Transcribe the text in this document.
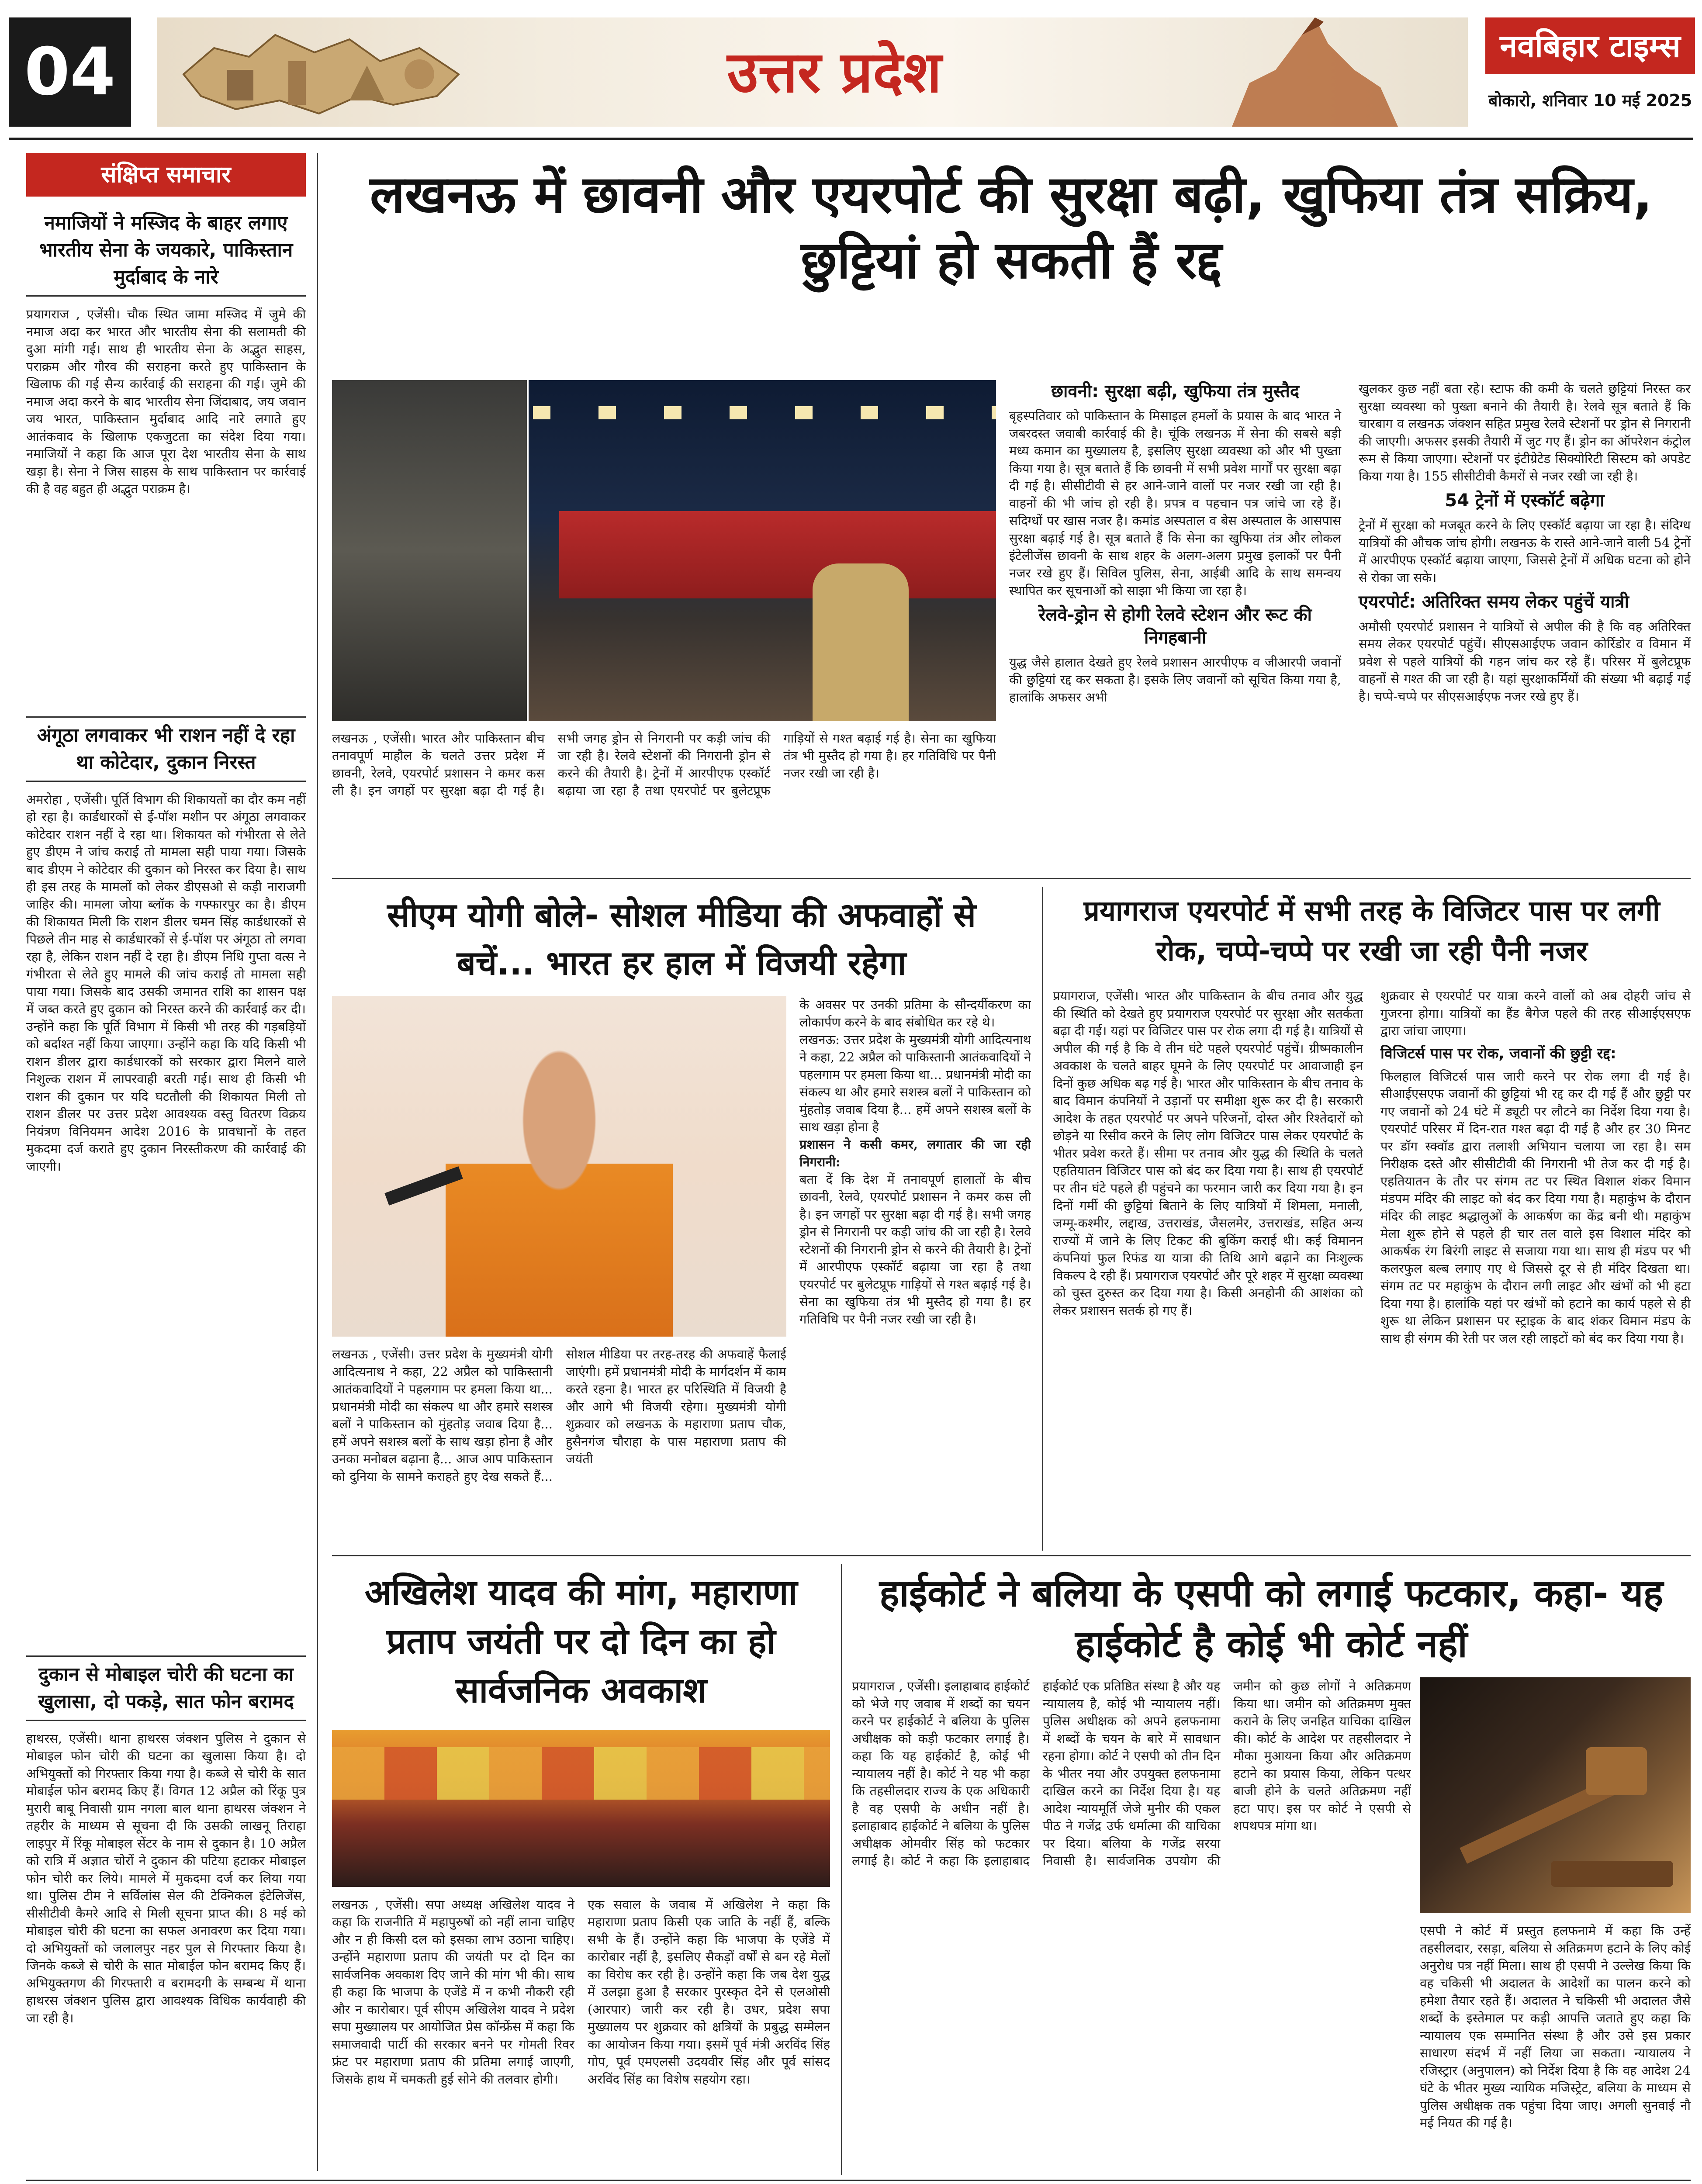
04	उत्तर प्रदेश	नवबिहार टाइम्स
बोकारो, शनिवार 10 मई 2025
संक्षिप्त समाचार
नमाजियों ने मस्जिद के बाहर लगाए भारतीय सेना के जयकारे, पाकिस्तान मुर्दाबाद के नारे
प्रयागराज , एजेंसी। चौक स्थित जामा मस्जिद में जुमे की नमाज अदा कर भारत और भारतीय सेना की सलामती की दुआ मांगी गई। साथ ही भारतीय सेना के अद्भुत साहस, पराक्रम और गौरव की सराहना करते हुए पाकिस्तान के खिलाफ की गई सैन्य कार्रवाई की सराहना की गई। जुमे की नमाज अदा करने के बाद भारतीय सेना जिंदाबाद, जय जवान जय भारत, पाकिस्तान मुर्दाबाद आदि नारे लगाते हुए आतंकवाद के खिलाफ एकजुटता का संदेश दिया गया। नमाजियों ने कहा कि आज पूरा देश भारतीय सेना के साथ खड़ा है। सेना ने जिस साहस के साथ पाकिस्तान पर कार्रवाई की है वह बहुत ही अद्भुत पराक्रम है।
अंगूठा लगवाकर भी राशन नहीं दे रहा था कोटेदार, दुकान निरस्त
अमरोहा , एजेंसी। पूर्ति विभाग की शिकायतों का दौर कम नहीं हो रहा है। कार्डधारकों से ई-पॉश मशीन पर अंगूठा लगवाकर कोटेदार राशन नहीं दे रहा था। शिकायत को गंभीरता से लेते हुए डीएम ने जांच कराई तो मामला सही पाया गया। जिसके बाद डीएम ने कोटेदार की दुकान को निरस्त कर दिया है। साथ ही इस तरह के मामलों को लेकर डीएसओ से कड़ी नाराजगी जाहिर की। मामला जोया ब्लॉक के गफ्फारपुर का है। डीएम की शिकायत मिली कि राशन डीलर चमन सिंह कार्डधारकों से पिछले तीन माह से कार्डधारकों से ई-पॉश पर अंगूठा तो लगवा रहा है, लेकिन राशन नहीं दे रहा है। डीएम निधि गुप्ता वत्स ने गंभीरता से लेते हुए मामले की जांच कराई तो मामला सही पाया गया। जिसके बाद उसकी जमानत राशि का शासन पक्ष में जब्त करते हुए दुकान को निरस्त करने की कार्रवाई कर दी। उन्होंने कहा कि पूर्ति विभाग में किसी भी तरह की गड़बड़ियों को बर्दाश्त नहीं किया जाएगा। उन्होंने कहा कि यदि किसी भी राशन डीलर द्वारा कार्डधारकों को सरकार द्वारा मिलने वाले निशुल्क राशन में लापरवाही बरती गई। साथ ही किसी भी राशन की दुकान पर यदि घटतौली की शिकायत मिली तो राशन डीलर पर उत्तर प्रदेश आवश्यक वस्तु वितरण विक्रय नियंत्रण विनियमन आदेश 2016 के प्रावधानों के तहत मुकदमा दर्ज कराते हुए दुकान निरस्तीकरण की कार्रवाई की जाएगी।
दुकान से मोबाइल चोरी की घटना का खुलासा, दो पकड़े, सात फोन बरामद
हाथरस, एजेंसी। थाना हाथरस जंक्शन पुलिस ने दुकान से मोबाइल फोन चोरी की घटना का खुलासा किया है। दो अभियुक्तों को गिरफ्तार किया गया है। कब्जे से चोरी के सात मोबाईल फोन बरामद किए हैं। विगत 12 अप्रैल को रिंकू पुत्र मुरारी बाबू निवासी ग्राम नगला बाल थाना हाथरस जंक्शन ने तहरीर के माध्यम से सूचना दी कि उसकी लाखनू तिराहा लाइपुर में रिंकू मोबाइल सेंटर के नाम से दुकान है। 10 अप्रैल को रात्रि में अज्ञात चोरों ने दुकान की पटिया हटाकर मोबाइल फोन चोरी कर लिये। मामले में मुकदमा दर्ज कर लिया गया था। पुलिस टीम ने सर्विलांस सेल की टेक्निकल इंटेलिजेंस, सीसीटीवी कैमरे आदि से मिली सूचना प्राप्त की। 8 मई को मोबाइल चोरी की घटना का सफल अनावरण कर दिया गया। दो अभियुक्तों को जलालपुर नहर पुल से गिरफ्तार किया है। जिनके कब्जे से चोरी के सात मोबाईल फोन बरामद किए हैं। अभियुक्तगण की गिरफ्तारी व बरामदगी के सम्बन्ध में थाना हाथरस जंक्शन पुलिस द्वारा आवश्यक विधिक कार्यवाही की जा रही है।
लखनऊ में छावनी और एयरपोर्ट की सुरक्षा बढ़ी, खुफिया तंत्र सक्रिय, छुट्टियां हो सकती हैं रद्द
लखनऊ , एजेंसी। भारत और पाकिस्तान बीच तनावपूर्ण माहौल के चलते उत्तर प्रदेश में छावनी, रेलवे, एयरपोर्ट प्रशासन ने कमर कस ली है। इन जगहों पर सुरक्षा बढ़ा दी गई है। सभी जगह ड्रोन से निगरानी पर कड़ी जांच की जा रही है। रेलवे स्टेशनों की निगरानी ड्रोन से करने की तैयारी है। ट्रेनों में आरपीएफ एस्कॉर्ट बढ़ाया जा रहा है तथा एयरपोर्ट पर बुलेटप्रूफ गाड़ियों से गश्त बढ़ाई गई है। सेना का खुफिया तंत्र भी मुस्तैद हो गया है। हर गतिविधि पर पैनी नजर रखी जा रही है।
छावनी: सुरक्षा बढ़ी, खुफिया तंत्र मुस्तैद
बृहस्पतिवार को पाकिस्तान के मिसाइल हमलों के प्रयास के बाद भारत ने जबरदस्त जवाबी कार्रवाई की है। चूंकि लखनऊ में सेना की सबसे बड़ी मध्य कमान का मुख्यालय है, इसलिए सुरक्षा व्यवस्था को और भी पुख्ता किया गया है। सूत्र बताते हैं कि छावनी में सभी प्रवेश मार्गों पर सुरक्षा बढ़ा दी गई है। सीसीटीवी से हर आने-जाने वालों पर नजर रखी जा रही है। वाहनों की भी जांच हो रही है। प्रपत्र व पहचान पत्र जांचे जा रहे हैं। सदिग्धों पर खास नजर है। कमांड अस्पताल व बेस अस्पताल के आसपास सुरक्षा बढ़ाई गई है। सूत्र बताते हैं कि सेना का खुफिया तंत्र और लोकल इंटेलीजेंस छावनी के साथ शहर के अलग-अलग प्रमुख इलाकों पर पैनी नजर रखे हुए हैं। सिविल पुलिस, सेना, आईबी आदि के साथ समन्वय स्थापित कर सूचनाओं को साझा भी किया जा रहा है।
रेलवे-ड्रोन से होगी रेलवे स्टेशन और रूट की निगहबानी
युद्ध जैसे हालात देखते हुए रेलवे प्रशासन आरपीएफ व जीआरपी जवानों की छुट्टियां रद्द कर सकता है। इसके लिए जवानों को सूचित किया गया है, हालांकि अफसर अभी
खुलकर कुछ नहीं बता रहे। स्टाफ की कमी के चलते छुट्टियां निरस्त कर सुरक्षा व्यवस्था को पुख्ता बनाने की तैयारी है। रेलवे सूत्र बताते हैं कि चारबाग व लखनऊ जंक्शन सहित प्रमुख रेलवे स्टेशनों पर ड्रोन से निगरानी की जाएगी। अफसर इसकी तैयारी में जुट गए हैं। ड्रोन का ऑपरेशन कंट्रोल रूम से किया जाएगा। स्टेशनों पर इंटीग्रेटेड सिक्योरिटी सिस्टम को अपडेट किया गया है। 155 सीसीटीवी कैमरों से नजर रखी जा रही है।
54 ट्रेनों में एस्कॉर्ट बढ़ेगा
ट्रेनों में सुरक्षा को मजबूत करने के लिए एस्कॉर्ट बढ़ाया जा रहा है। संदिग्ध यात्रियों की औचक जांच होगी। लखनऊ के रास्ते आने-जाने वाली 54 ट्रेनों में आरपीएफ एस्कॉर्ट बढ़ाया जाएगा, जिससे ट्रेनों में अधिक घटना को होने से रोका जा सके।
एयरपोर्ट: अतिरिक्त समय लेकर पहुंचें यात्री
अमौसी एयरपोर्ट प्रशासन ने यात्रियों से अपील की है कि वह अतिरिक्त समय लेकर एयरपोर्ट पहुंचें। सीएसआईएफ जवान कोर्रिडोर व विमान में प्रवेश से पहले यात्रियों की गहन जांच कर रहे हैं। परिसर में बुलेटप्रूफ वाहनों से गश्त की जा रही है। यहां सुरक्षाकर्मियों की संख्या भी बढ़ाई गई है। चप्पे-चप्पे पर सीएसआईएफ नजर रखे हुए हैं।
सीएम योगी बोले- सोशल मीडिया की अफवाहों से बचें... भारत हर हाल में विजयी रहेगा
लखनऊ , एजेंसी। उत्तर प्रदेश के मुख्यमंत्री योगी आदित्यनाथ ने कहा, 22 अप्रैल को पाकिस्तानी आतंकवादियों ने पहलगाम पर हमला किया था... प्रधानमंत्री मोदी का संकल्प था और हमारे सशस्त्र बलों ने पाकिस्तान को मुंहतोड़ जवाब दिया है... हमें अपने सशस्त्र बलों के साथ खड़ा होना है और उनका मनोबल बढ़ाना है... आज आप पाकिस्तान को दुनिया के सामने कराहते हुए देख सकते हैं... सोशल मीडिया पर तरह-तरह की अफवाहें फैलाई जाएंगी। हमें प्रधानमंत्री मोदी के मार्गदर्शन में काम करते रहना है। भारत हर परिस्थिति में विजयी है और आगे भी विजयी रहेगा। मुख्यमंत्री योगी शुक्रवार को लखनऊ के महाराणा प्रताप चौक, हुसैनगंज चौराहा के पास महाराणा प्रताप की जयंती
के अवसर पर उनकी प्रतिमा के सौन्दर्यीकरण का लोकार्पण करने के बाद संबोधित कर रहे थे।
लखनऊ: उत्तर प्रदेश के मुख्यमंत्री योगी आदित्यनाथ ने कहा, 22 अप्रैल को पाकिस्तानी आतंकवादियों ने पहलगाम पर हमला किया था... प्रधानमंत्री मोदी का संकल्प था और हमारे सशस्त्र बलों ने पाकिस्तान को मुंहतोड़ जवाब दिया है... हमें अपने सशस्त्र बलों के साथ खड़ा होना है
प्रशासन ने कसी कमर, लगातार की जा रही निगरानी:
बता दें कि देश में तनावपूर्ण हालातों के बीच छावनी, रेलवे, एयरपोर्ट प्रशासन ने कमर कस ली है। इन जगहों पर सुरक्षा बढ़ा दी गई है। सभी जगह ड्रोन से निगरानी पर कड़ी जांच की जा रही है। रेलवे स्टेशनों की निगरानी ड्रोन से करने की तैयारी है। ट्रेनों में आरपीएफ एस्कॉर्ट बढ़ाया जा रहा है तथा एयरपोर्ट पर बुलेटप्रूफ गाड़ियों से गश्त बढ़ाई गई है। सेना का खुफिया तंत्र भी मुस्तैद हो गया है। हर गतिविधि पर पैनी नजर रखी जा रही है।
प्रयागराज एयरपोर्ट में सभी तरह के विजिटर पास पर लगी रोक, चप्पे-चप्पे पर रखी जा रही पैनी नजर
प्रयागराज, एजेंसी। भारत और पाकिस्तान के बीच तनाव और युद्ध की स्थिति को देखते हुए प्रयागराज एयरपोर्ट पर सुरक्षा और सतर्कता बढ़ा दी गई। यहां पर विजिटर पास पर रोक लगा दी गई है। यात्रियों से अपील की गई है कि वे तीन घंटे पहले एयरपोर्ट पहुंचें। ग्रीष्मकालीन अवकाश के चलते बाहर घूमने के लिए एयरपोर्ट पर आवाजाही इन दिनों कुछ अधिक बढ़ गई है। भारत और पाकिस्तान के बीच तनाव के बाद विमान कंपनियों ने उड़ानों पर समीक्षा शुरू कर दी है। सरकारी आदेश के तहत एयरपोर्ट पर अपने परिजनों, दोस्त और रिश्तेदारों को छोड़ने या रिसीव करने के लिए लोग विजिटर पास लेकर एयरपोर्ट के भीतर प्रवेश करते हैं। सीमा पर तनाव और युद्ध की स्थिति के चलते एहतियातन विजिटर पास को बंद कर दिया गया है। साथ ही एयरपोर्ट पर तीन घंटे पहले ही पहुंचने का फरमान जारी कर दिया गया है। इन दिनों गर्मी की छुट्टियां बिताने के लिए यात्रियों में शिमला, मनाली, जम्मू-कश्मीर, लद्दाख, उत्तराखंड, जैसलमेर, उत्तराखंड, सहित अन्य राज्यों में जाने के लिए टिकट की बुकिंग कराई थी। कई विमानन कंपनियां फुल रिफंड या यात्रा की तिथि आगे बढ़ाने का निःशुल्क विकल्प दे रही हैं। प्रयागराज एयरपोर्ट और पूरे शहर में सुरक्षा व्यवस्था को चुस्त दुरुस्त कर दिया गया है। किसी अनहोनी की आशंका को लेकर प्रशासन सतर्क हो गए हैं।
शुक्रवार से एयरपोर्ट पर यात्रा करने वालों को अब दोहरी जांच से गुजरना होगा। यात्रियों का हैंड बैगेज पहले की तरह सीआईएसएफ द्वारा जांचा जाएगा।
विजिटर्स पास पर रोक, जवानों की छुट्टी रद्द:
फिलहाल विजिटर्स पास जारी करने पर रोक लगा दी गई है। सीआईएसएफ जवानों की छुट्टियां भी रद्द कर दी गई हैं और छुट्टी पर गए जवानों को 24 घंटे में ड्यूटी पर लौटने का निर्देश दिया गया है। एयरपोर्ट परिसर में दिन-रात गश्त बढ़ा दी गई है और हर 30 मिनट पर डॉग स्क्वॉड द्वारा तलाशी अभियान चलाया जा रहा है। सम निरीक्षक दस्ते और सीसीटीवी की निगरानी भी तेज कर दी गई है। एहतियातन के तौर पर संगम तट पर स्थित विशाल शंकर विमान मंडपम मंदिर की लाइट को बंद कर दिया गया है। महाकुंभ के दौरान मंदिर की लाइट श्रद्धालुओं के आकर्षण का केंद्र बनी थी। महाकुंभ मेला शुरू होने से पहले ही चार तल वाले इस विशाल मंदिर को आकर्षक रंग बिरंगी लाइट से सजाया गया था। साथ ही मंडप पर भी कलरफुल बल्ब लगाए गए थे जिससे दूर से ही मंदिर दिखता था। संगम तट पर महाकुंभ के दौरान लगी लाइट और खंभों को भी हटा दिया गया है। हालांकि यहां पर खंभों को हटाने का कार्य पहले से ही शुरू था लेकिन प्रशासन पर स्ट्राइक के बाद शंकर विमान मंडप के साथ ही संगम की रेती पर जल रही लाइटों को बंद कर दिया गया है।
अखिलेश यादव की मांग, महाराणा प्रताप जयंती पर दो दिन का हो सार्वजनिक अवकाश
लखनऊ , एजेंसी। सपा अध्यक्ष अखिलेश यादव ने कहा कि राजनीति में महापुरुषों को नहीं लाना चाहिए और न ही किसी दल को इसका लाभ उठाना चाहिए। उन्होंने महाराणा प्रताप की जयंती पर दो दिन का सार्वजनिक अवकाश दिए जाने की मांग भी की। साथ ही कहा कि भाजपा के एजेंडे में न कभी नौकरी रही और न कारोबार। पूर्व सीएम अखिलेश यादव ने प्रदेश सपा मुख्यालय पर आयोजित प्रेस कॉन्फ्रेंस में कहा कि समाजवादी पार्टी की सरकार बनने पर गोमती रिवर फ्रंट पर महाराणा प्रताप की प्रतिमा लगाई जाएगी, जिसके हाथ में चमकती हुई सोने की तलवार होगी।
एक सवाल के जवाब में अखिलेश ने कहा कि महाराणा प्रताप किसी एक जाति के नहीं हैं, बल्कि सभी के हैं। उन्होंने कहा कि भाजपा के एजेंडे में कारोबार नहीं है, इसलिए सैकड़ों वर्षों से बन रहे मेलों का विरोध कर रही है। उन्होंने कहा कि जब देश युद्ध में उलझा हुआ है सरकार पुरस्कृत देने से एलओसी (आरपार) जारी कर रही है। उधर, प्रदेश सपा मुख्यालय पर शुक्रवार को क्षत्रियों के प्रबुद्ध सम्मेलन का आयोजन किया गया। इसमें पूर्व मंत्री अरविंद सिंह गोप, पूर्व एमएलसी उदयवीर सिंह और पूर्व सांसद अरविंद सिंह का विशेष सहयोग रहा।
हाईकोर्ट ने बलिया के एसपी को लगाई फटकार, कहा- यह हाईकोर्ट है कोई भी कोर्ट नहीं
प्रयागराज , एजेंसी। इलाहाबाद हाईकोर्ट को भेजे गए जवाब में शब्दों का चयन करने पर हाईकोर्ट ने बलिया के पुलिस अधीक्षक को कड़ी फटकार लगाई है। कहा कि यह हाईकोर्ट है, कोई भी न्यायालय नहीं है। कोर्ट ने यह भी कहा कि तहसीलदार राज्य के एक अधिकारी है वह एसपी के अधीन नहीं है। इलाहाबाद हाईकोर्ट ने बलिया के पुलिस अधीक्षक ओमवीर सिंह को फटकार लगाई है। कोर्ट ने कहा कि इलाहाबाद हाईकोर्ट एक प्रतिष्ठित संस्था है और यह न्यायालय है, कोई भी न्यायालय नहीं। पुलिस अधीक्षक को अपने हलफनामा में शब्दों के चयन के बारे में सावधान रहना होगा। कोर्ट ने एसपी को तीन दिन के भीतर नया और उपयुक्त हलफनामा दाखिल करने का निर्देश दिया है। यह आदेश न्यायमूर्ति जेजे मुनीर की एकल पीठ ने गजेंद्र उर्फ धर्मात्मा की याचिका पर दिया। बलिया के गजेंद्र सरया निवासी है। सार्वजनिक उपयोग की जमीन को कुछ लोगों ने अतिक्रमण किया था। जमीन को अतिक्रमण मुक्त कराने के लिए जनहित याचिका दाखिल की। कोर्ट के आदेश पर तहसीलदार ने मौका मुआयना किया और अतिक्रमण हटाने का प्रयास किया, लेकिन पत्थर बाजी होने के चलते अतिक्रमण नहीं हटा पाए। इस पर कोर्ट ने एसपी से शपथपत्र मांगा था।
एसपी ने कोर्ट में प्रस्तुत हलफनामे में कहा कि उन्हें तहसीलदार, रसड़ा, बलिया से अतिक्रमण हटाने के लिए कोई अनुरोध पत्र नहीं मिला। साथ ही एसपी ने उल्लेख किया कि वह चकिसी भी अदालत के आदेशों का पालन करने को हमेशा तैयार रहते हैं। अदालत ने चकिसी भी अदालत जैसे शब्दों के इस्तेमाल पर कड़ी आपत्ति जताते हुए कहा कि न्यायालय एक सम्मानित संस्था है और उसे इस प्रकार साधारण संदर्भ में नहीं लिया जा सकता। न्यायालय ने रजिस्ट्रार (अनुपालन) को निर्देश दिया है कि वह आदेश 24 घंटे के भीतर मुख्य न्यायिक मजिस्ट्रेट, बलिया के माध्यम से पुलिस अधीक्षक तक पहुंचा दिया जाए। अगली सुनवाई नौ मई नियत की गई है।
